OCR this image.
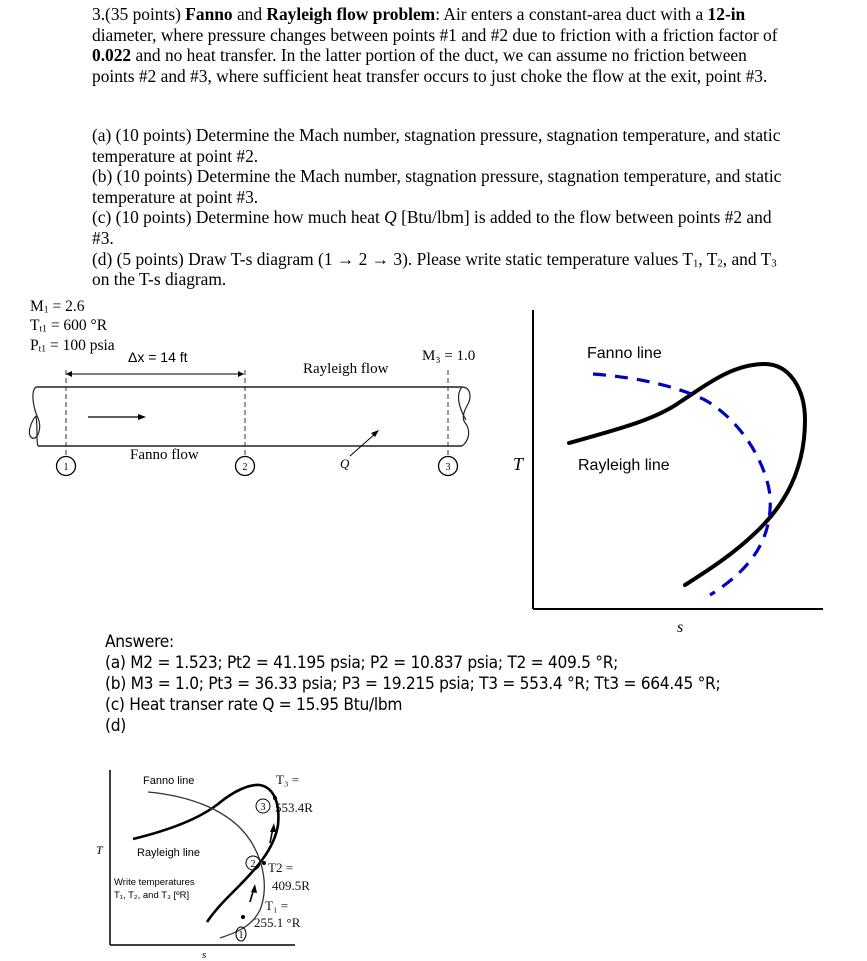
3.(35 points) Fanno and Rayleigh flow problem: Air enters a constant-area duct with a 12-in diameter, where pressure changes between points #1 and #2 due to friction with a friction factor of 0.022 and no heat transfer. In the latter portion of the duct, we can assume no friction between points #2 and #3, where sufficient heat transfer occurs to just choke the flow at the exit, point #3.

(a) (10 points) Determine the Mach number, stagnation pressure, stagnation temperature, and static temperature at point #2.

(b) (10 points) Determine the Mach number, stagnation pressure, stagnation temperature, and static temperature at point #3.

(c) (10 points) Determine how much heat Q [Btu/lbm] is added to the flow between points #2 and #3.

(d) (5 points) Draw T-s diagram (1 → 2 → 3). Please write static temperature values $T_1$, $T_2$, and $T_3$ on the T-s diagram.

$M_1 = 2.6$
$T_{t1} = 600$ °R
$P_{t1} = 100$ psia
Δx = 14 ft
Rayleigh flow
M₃ = 1.0
Q
Fanno flow
1	2	3	T
s
Fanno line
Rayleigh line
Answere:
(a) M2 = 1.523; Pt2 = 41.195 psia; P2 = 10.837 psia; T2 = 409.5 °R;
(b) M3 = 1.0; Pt3 = 36.33 psia; P3 = 19.215 psia; T3 = 553.4 °R; Tt3 = 664.45 °R;
(c) Heat transer rate Q = 15.95 Btu/lbm
(d)
T
s
Fanno line
Rayleigh line
Write temperatures
T₁, T₂, and T₃ [ºR]
1
2
3
T₃ =
553.4R
T2 =
409.5R
T₁ =
255.1 °R
